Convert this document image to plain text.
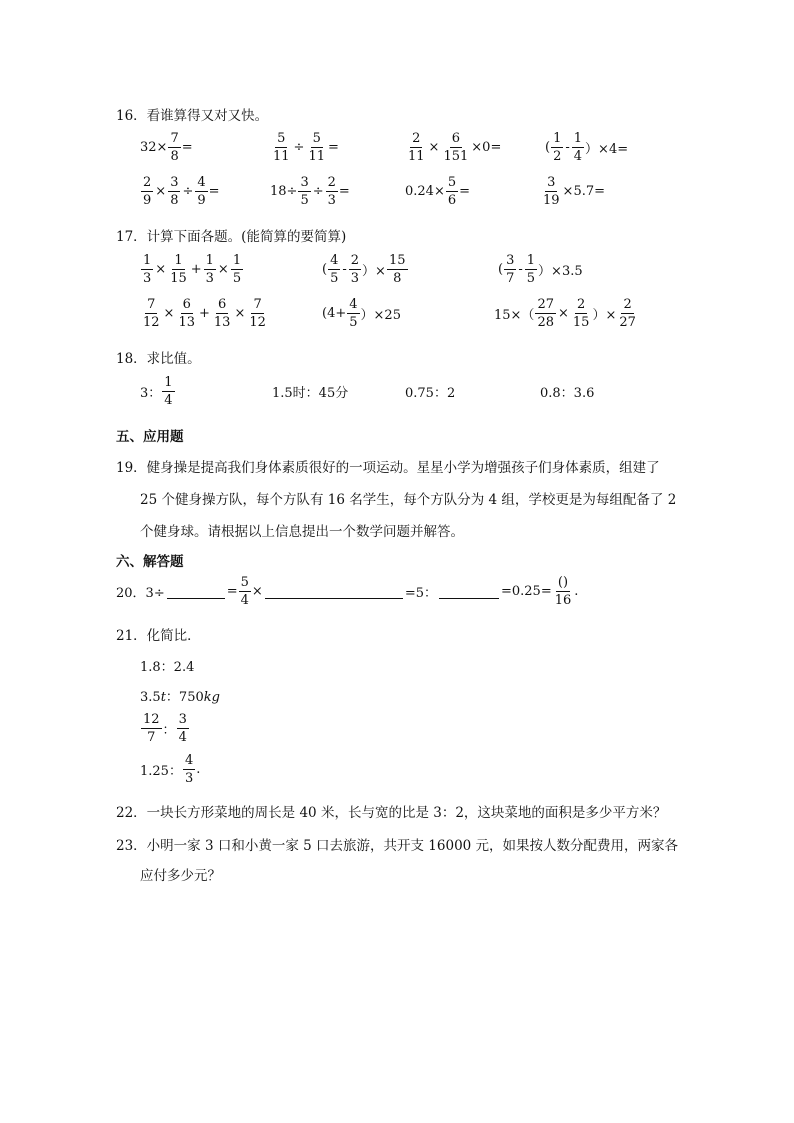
16．看谁算得又对又快。
$32\times \frac{7}{8}$ =	$\frac{5}{11} \div \frac{5}{11}$ =	$\frac{2}{11} \times \frac{6}{151} \times 0=$	( $\frac{1}{2} - \frac{1}{4} )\times 4=$
$\frac{2}{9} \times \frac{3}{8} \div \frac{4}{9}$ =	$18\div \frac{3}{5} \div \frac{2}{3}$ =	$0.24\times \frac{5}{6}$ =	$\frac{3}{19} \times 5.7=$
17．计算下面各题。(能简算的要简算)
$\frac{1}{3} \times \frac{1}{15} + \frac{1}{3} \times \frac{1}{5}$	( $\frac{4}{5} - \frac{2}{3}$ ）× $\frac{15}{8}$	( $\frac{3}{7} - \frac{1}{5} )\times 3.5$
$\frac{7}{12} \times \frac{6}{13} + \frac{6}{13} \times \frac{7}{12}$	$(4+ \frac{4}{5} )\times 25$	$15\times( \frac{27}{28} \times \frac{2}{15}$ ）× $\frac{2}{27}$
18．求比值。
3： $\frac{1}{4}$	1.5时：45分	0.75：2	0.8：3.6
五、应用题
19．健身操是提高我们身体素质很好的一项运动。星星小学为增强孩子们身体素质，组建了
25 个健身操方队，每个方队有 16 名学生，每个方队分为 4 组，学校更是为每组配备了 2
个健身球。请根据以上信息提出一个数学问题并解答。
六、解答题
20．3÷	= $\frac{5}{4}$ ×	=5：	$=0.25= \frac{()}{16}$ .
21．化简比．
1.8：2.4
3.5t：750kg
$\frac{12}{7}$ ： $\frac{3}{4}$
1.25： $\frac{4}{3}$ .
22．一块长方形菜地的周长是 40 米，长与宽的比是 3：2，这块菜地的面积是多少平方米？
23．小明一家 3 口和小黄一家 5 口去旅游，共开支 16000 元，如果按人数分配费用，两家各
应付多少元？
